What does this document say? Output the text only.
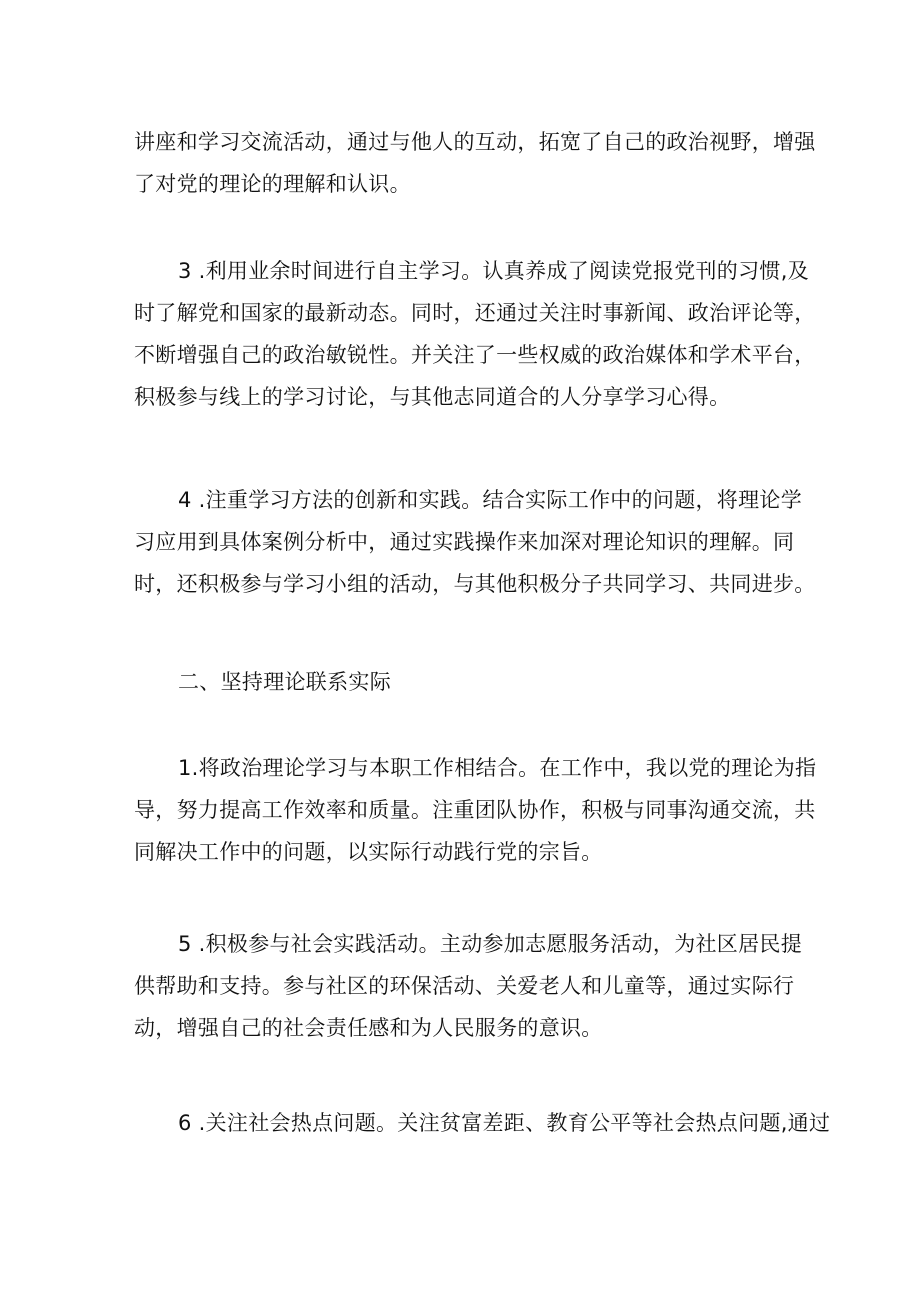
讲座和学习交流活动，通过与他人的互动，拓宽了自己的政治视野，增强
了对党的理论的理解和认识。

3 .利用业余时间进行自主学习。认真养成了阅读党报党刊的习惯,及
时了解党和国家的最新动态。同时，还通过关注时事新闻、政治评论等，
不断增强自己的政治敏锐性。并关注了一些权威的政治媒体和学术平台，
积极参与线上的学习讨论，与其他志同道合的人分享学习心得。

4 .注重学习方法的创新和实践。结合实际工作中的问题，将理论学
习应用到具体案例分析中，通过实践操作来加深对理论知识的理解。同
时，还积极参与学习小组的活动，与其他积极分子共同学习、共同进步。

二、坚持理论联系实际

1.将政治理论学习与本职工作相结合。在工作中，我以党的理论为指
导，努力提高工作效率和质量。注重团队协作，积极与同事沟通交流，共
同解决工作中的问题，以实际行动践行党的宗旨。

5 .积极参与社会实践活动。主动参加志愿服务活动，为社区居民提
供帮助和支持。参与社区的环保活动、关爱老人和儿童等，通过实际行
动，增强自己的社会责任感和为人民服务的意识。

6 .关注社会热点问题。关注贫富差距、教育公平等社会热点问题,通过
